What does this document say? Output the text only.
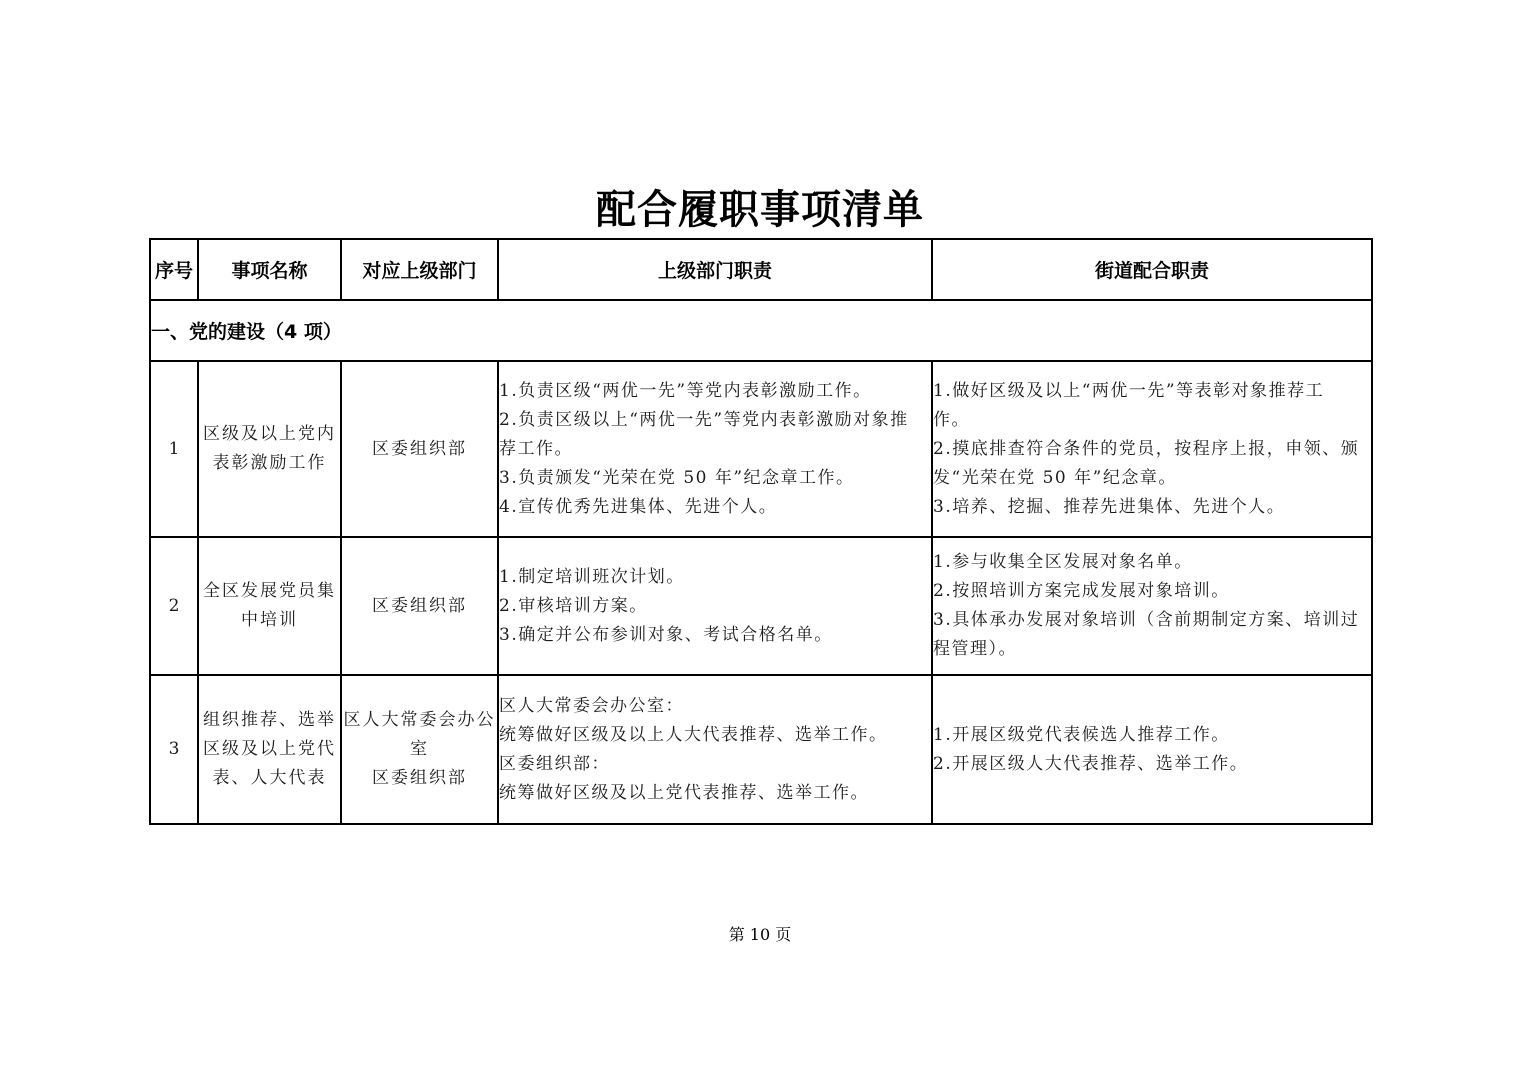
配合履职事项清单
序号	事项名称	对应上级部门	上级部门职责	街道配合职责
一、党的建设（4 项）				
1	区级及以上党内
表彰激励工作	区委组织部	1.负责区级“两优一先”等党内表彰激励工作。
2.负责区级以上“两优一先”等党内表彰激励对象推
荐工作。
3.负责颁发“光荣在党 50 年”纪念章工作。
4.宣传优秀先进集体、先进个人。	1.做好区级及以上“两优一先”等表彰对象推荐工
作。
2.摸底排查符合条件的党员，按程序上报，申领、颁
发“光荣在党 50 年”纪念章。
3.培养、挖掘、推荐先进集体、先进个人。

2	全区发展党员集
中培训	区委组织部	1.制定培训班次计划。
2.审核培训方案。
3.确定并公布参训对象、考试合格名单。	1.参与收集全区发展对象名单。
2.按照培训方案完成发展对象培训。
3.具体承办发展对象培训（含前期制定方案、培训过
程管理）。

3	组织推荐、选举
区级及以上党代
表、人大代表	区人大常委会办公
室
区委组织部	区人大常委会办公室：
统筹做好区级及以上人大代表推荐、选举工作。
区委组织部：
统筹做好区级及以上党代表推荐、选举工作。	1.开展区级党代表候选人推荐工作。
2.开展区级人大代表推荐、选举工作。
第 10 页
